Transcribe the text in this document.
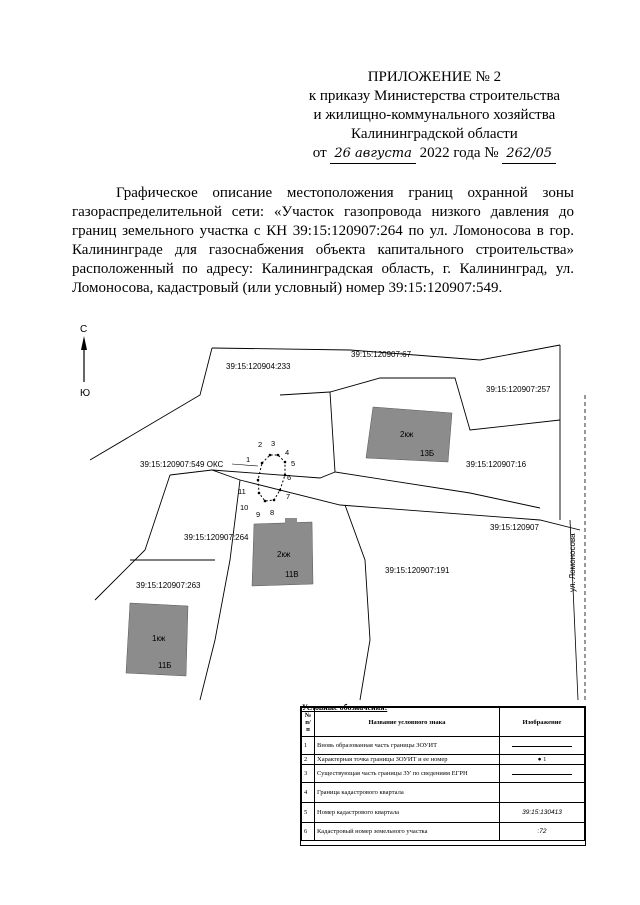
ПРИЛОЖЕНИЕ № 2
к приказу Министерства строительства
и жилищно-коммунального хозяйства
Калининградской области
от 26 августа 2022 года № 262/05
Графическое описание местоположения границ охранной зоны газораспределительной сети: «Участок газопровода низкого давления до границ земельного участка с КН 39:15:120907:264 по ул. Ломоносова в гор. Калининграде для газоснабжения объекта капитального строительства» расположенный по адресу: Калининградская область, г. Калининград, ул. Ломоносова, кадастровый (или условный) номер 39:15:120907:549.
С
Ю
2кж
13Б
2кж
11В
1кж
11Б
39:15:120904:233
39:15:120907:67
39:15:120907:257
39:15:120907:16
39:15:120907:549 ОКС
39:15:120907:264
39:15:120907:263
39:15:120907:191
39:15:120907
ул. Ломоносова
1
2 3
4
5
6
7
8
9
10
11
Условные обозначения:
№ п/ п	Название условного знака	Изображение
1	Вновь образованная часть границы ЗОУИТ	
2	Характерная точка границы ЗОУИТ и ее номер	● 1
3	Существующая часть границы ЗУ по сведениям ЕГРН	
4	Граница кадастрового квартала	
5	Номер кадастрового квартала	39:15:130413
6	Кадастровый номер земельного участка	:72
